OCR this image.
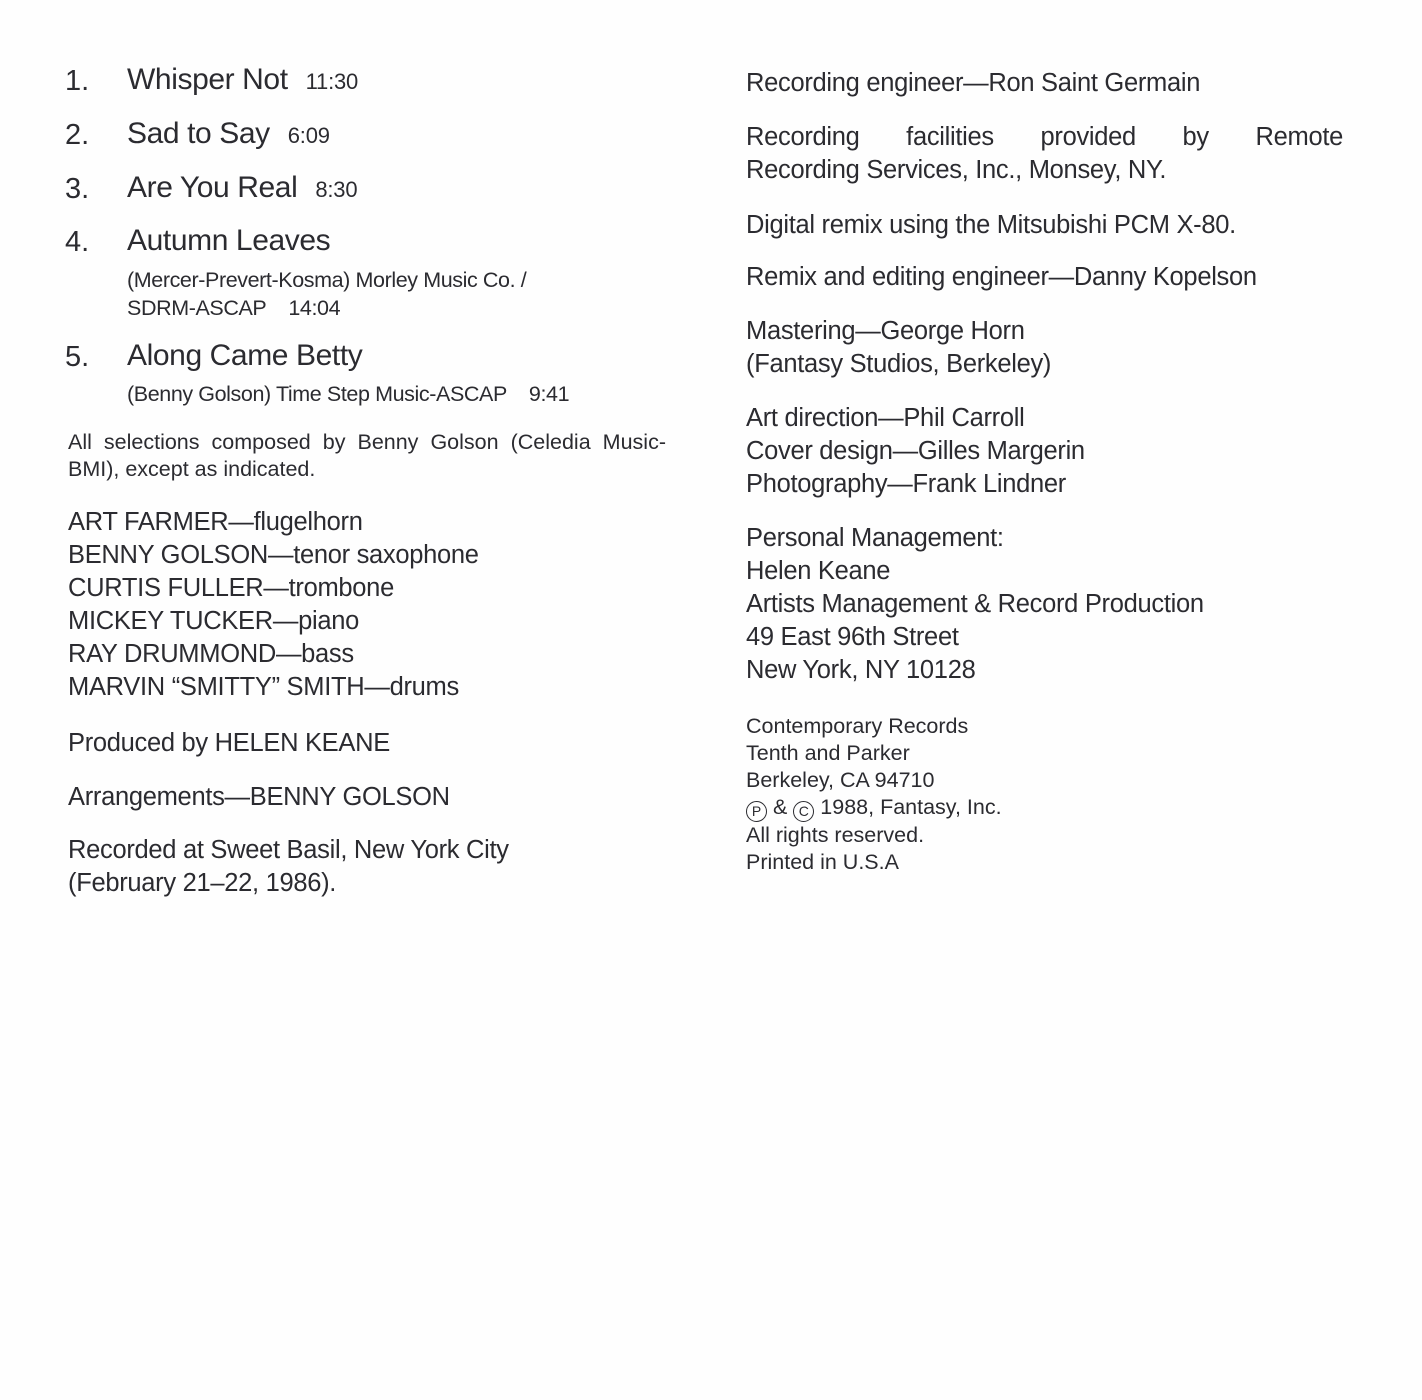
1. Whisper Not 11:30
2. Sad to Say 6:09
3. Are You Real 8:30
4. Autumn Leaves
(Mercer-Prevert-Kosma) Morley Music Co. /
SDRM-ASCAP 14:04
5. Along Came Betty
(Benny Golson) Time Step Music-ASCAP 9:41
All selections composed by Benny Golson (Celedia Music-BMI), except as indicated.
ART FARMER—flugelhorn
BENNY GOLSON—tenor saxophone
CURTIS FULLER—trombone
MICKEY TUCKER—piano
RAY DRUMMOND—bass
MARVIN “SMITTY” SMITH—drums
Produced by HELEN KEANE
Arrangements—BENNY GOLSON
Recorded at Sweet Basil, New York City
(February 21–22, 1986).
Recording engineer—Ron Saint Germain
Recording facilities provided by Remote
Recording Services, Inc., Monsey, NY.
Digital remix using the Mitsubishi PCM X-80.
Remix and editing engineer—Danny Kopelson
Mastering—George Horn
(Fantasy Studios, Berkeley)
Art direction—Phil Carroll
Cover design—Gilles Margerin
Photography—Frank Lindner
Personal Management:
Helen Keane
Artists Management & Record Production
49 East 96th Street
New York, NY 10128
Contemporary Records
Tenth and Parker
Berkeley, CA 94710
P & C 1988, Fantasy, Inc.
All rights reserved.
Printed in U.S.A
